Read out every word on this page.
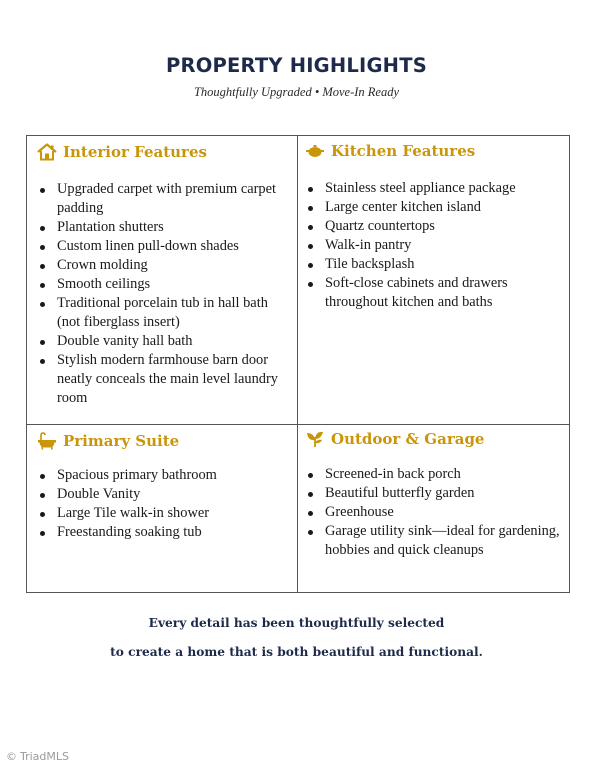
PROPERTY HIGHLIGHTS
Thoughtfully Upgraded • Move-In Ready
Interior Features
Upgraded carpet with premium carpet padding
Plantation shutters
Custom linen pull-down shades
Crown molding
Smooth ceilings
Traditional porcelain tub in hall bath (not fiberglass insert)
Double vanity hall bath
Stylish modern farmhouse barn door neatly conceals the main level laundry room
Kitchen Features
Stainless steel appliance package
Large center kitchen island
Quartz countertops
Walk-in pantry
Tile backsplash
Soft-close cabinets and drawers throughout kitchen and baths
Primary Suite
Spacious primary bathroom
Double Vanity
Large Tile walk-in shower
Freestanding soaking tub
Outdoor & Garage
Screened-in back porch
Beautiful butterfly garden
Greenhouse
Garage utility sink—ideal for gardening, hobbies and quick cleanups
Every detail has been thoughtfully selected
to create a home that is both beautiful and functional.
© TriadMLS
